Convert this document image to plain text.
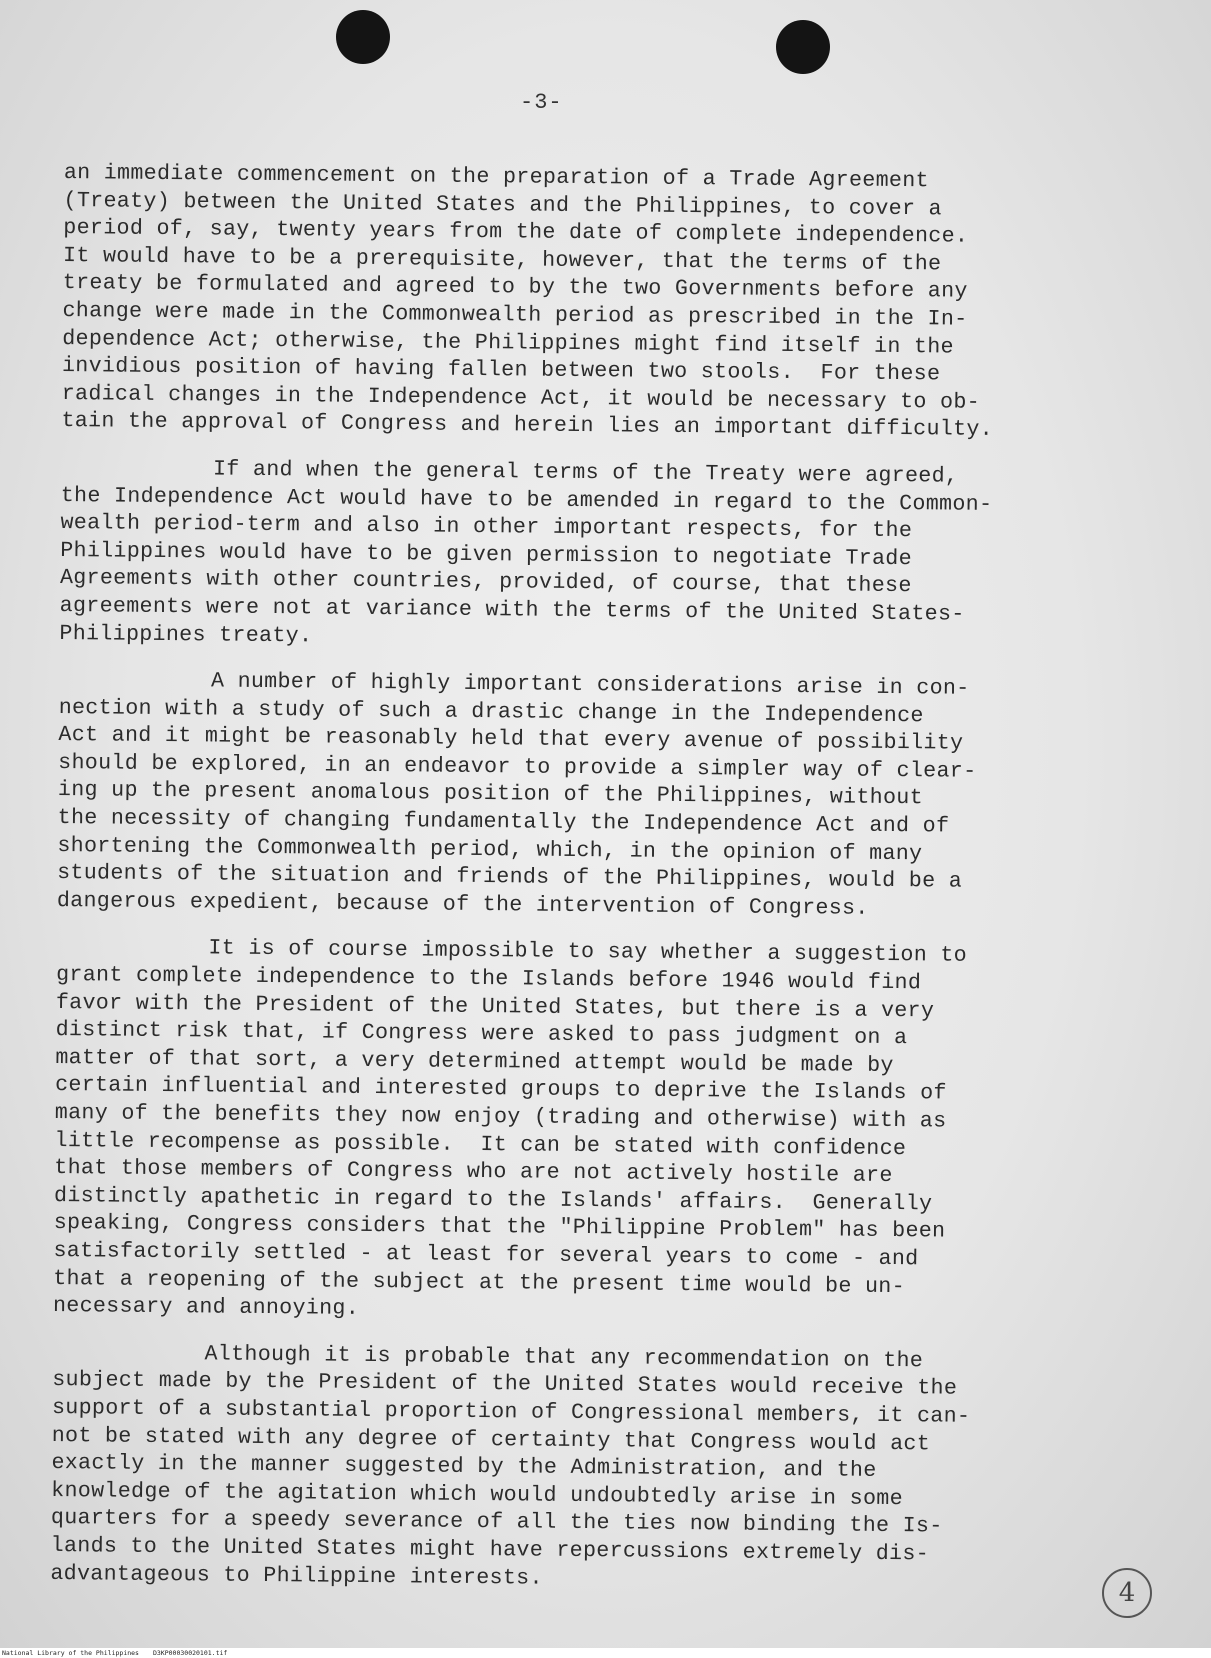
-3-
an immediate commencement on the preparation of a Trade Agreement
(Treaty) between the United States and the Philippines, to cover a
period of, say, twenty years from the date of complete independence.
It would have to be a prerequisite, however, that the terms of the
treaty be formulated and agreed to by the two Governments before any
change were made in the Commonwealth period as prescribed in the In-
dependence Act; otherwise, the Philippines might find itself in the
invidious position of having fallen between two stools.  For these
radical changes in the Independence Act, it would be necessary to ob-
tain the approval of Congress and herein lies an important difficulty.
If and when the general terms of the Treaty were agreed,
the Independence Act would have to be amended in regard to the Common-
wealth period-term and also in other important respects, for the
Philippines would have to be given permission to negotiate Trade
Agreements with other countries, provided, of course, that these
agreements were not at variance with the terms of the United States-
Philippines treaty.
A number of highly important considerations arise in con-
nection with a study of such a drastic change in the Independence
Act and it might be reasonably held that every avenue of possibility
should be explored, in an endeavor to provide a simpler way of clear-
ing up the present anomalous position of the Philippines, without
the necessity of changing fundamentally the Independence Act and of
shortening the Commonwealth period, which, in the opinion of many
students of the situation and friends of the Philippines, would be a
dangerous expedient, because of the intervention of Congress.
It is of course impossible to say whether a suggestion to
grant complete independence to the Islands before 1946 would find
favor with the President of the United States, but there is a very
distinct risk that, if Congress were asked to pass judgment on a
matter of that sort, a very determined attempt would be made by
certain influential and interested groups to deprive the Islands of
many of the benefits they now enjoy (trading and otherwise) with as
little recompense as possible.  It can be stated with confidence
that those members of Congress who are not actively hostile are
distinctly apathetic in regard to the Islands' affairs.  Generally
speaking, Congress considers that the "Philippine Problem" has been
satisfactorily settled - at least for several years to come - and
that a reopening of the subject at the present time would be un-
necessary and annoying.
Although it is probable that any recommendation on the
subject made by the President of the United States would receive the
support of a substantial proportion of Congressional members, it can-
not be stated with any degree of certainty that Congress would act
exactly in the manner suggested by the Administration, and the
knowledge of the agitation which would undoubtedly arise in some
quarters for a speedy severance of all the ties now binding the Is-
lands to the United States might have repercussions extremely dis-
advantageous to Philippine interests.
4
National Library of the Philippines D3KP00030020101.tif
